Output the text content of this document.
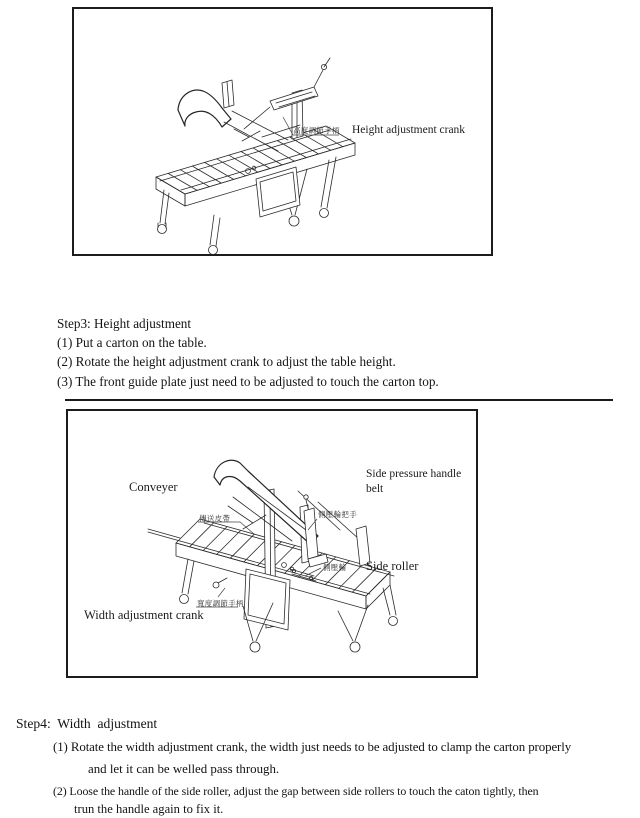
高度調節手柄 Height adjustment crank
Step3: Height adjustment
(1) Put a carton on the table.
(2) Rotate the height adjustment crank to adjust the table height.
(3) The front guide plate just need to be adjusted to touch the carton top.
Conveyer
Side pressure handle
belt
傳送皮帶	側壓輪把手
側壓輪 Side roller
寬度調節手柄
Width adjustment crank
Step4:  Width  adjustment
(1) Rotate the width adjustment crank, the width just needs to be adjusted to clamp the carton properly
and let it can be welled pass through.
(2) Loose the handle of the side roller, adjust the gap between side rollers to touch the caton tightly, then
trun the handle again to fix it.
